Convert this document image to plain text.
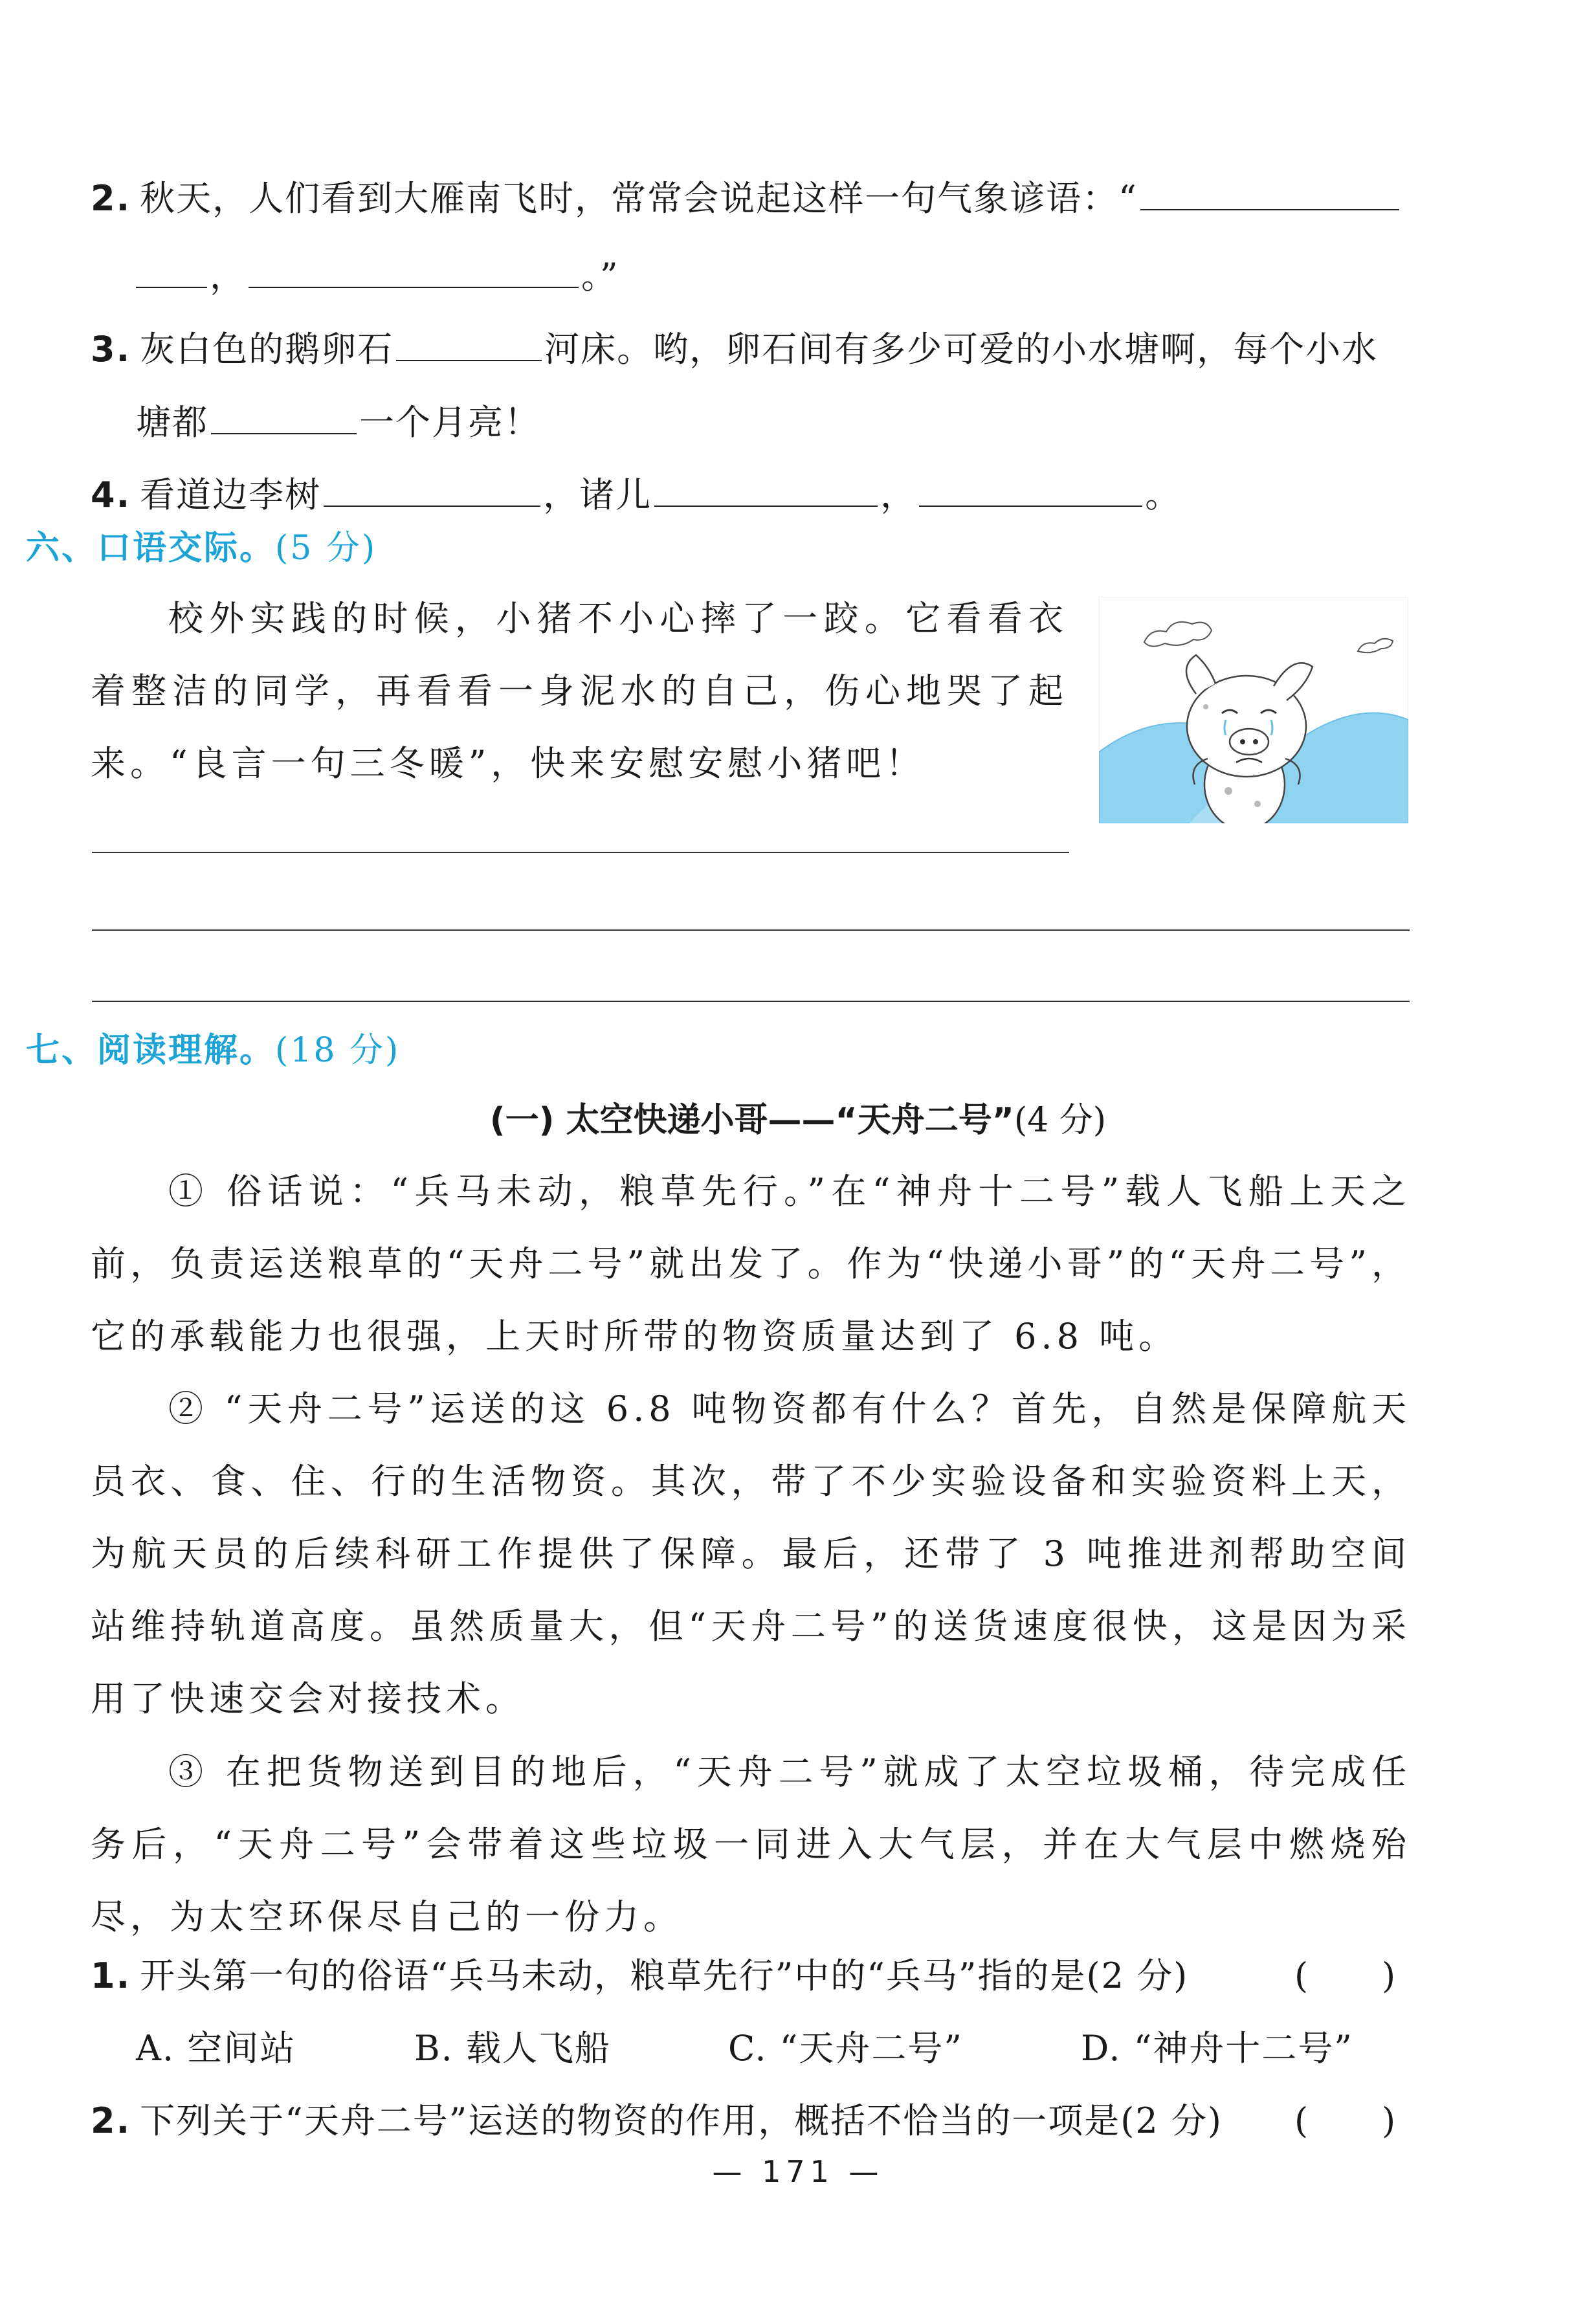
2. 秋天，人们看到大雁南飞时，常常会说起这样一句气象谚语：“
，	。”
3. 灰白色的鹅卵石	河床。哟，卵石间有多少可爱的小水塘啊，每个小水
塘都	一个月亮！
4. 看道边李树	，诸儿	，	。
六、口语交际。(5 分)
校外实践的时候，小猪不小心摔了一跤。它看看衣着整洁的同学，再看看一身泥水的自己，伤心地哭了起来。“良言一句三冬暖”，快来安慰安慰小猪吧！
七、阅读理解。(18 分)
(一) 太空快递小哥——“天舟二号”(4 分)
① 俗话说：“兵马未动，粮草先行。”在“神舟十二号”载人飞船上天之前，负责运送粮草的“天舟二号”就出发了。作为“快递小哥”的“天舟二号”，它的承载能力也很强，上天时所带的物资质量达到了 6.8 吨。
② “天舟二号”运送的这 6.8 吨物资都有什么？首先，自然是保障航天员衣、食、住、行的生活物资。其次，带了不少实验设备和实验资料上天，为航天员的后续科研工作提供了保障。最后，还带了 3 吨推进剂帮助空间站维持轨道高度。虽然质量大，但“天舟二号”的送货速度很快，这是因为采用了快速交会对接技术。
③ 在把货物送到目的地后，“天舟二号”就成了太空垃圾桶，待完成任务后，“天舟二号”会带着这些垃圾一同进入大气层，并在大气层中燃烧殆尽，为太空环保尽自己的一份力。
1. 开头第一句的俗语“兵马未动，粮草先行”中的“兵马”指的是(2 分)	(　　)
A. 空间站	B. 载人飞船	C. “天舟二号”	D. “神舟十二号”
2. 下列关于“天舟二号”运送的物资的作用，概括不恰当的一项是(2 分) (　　)
— 171 —
